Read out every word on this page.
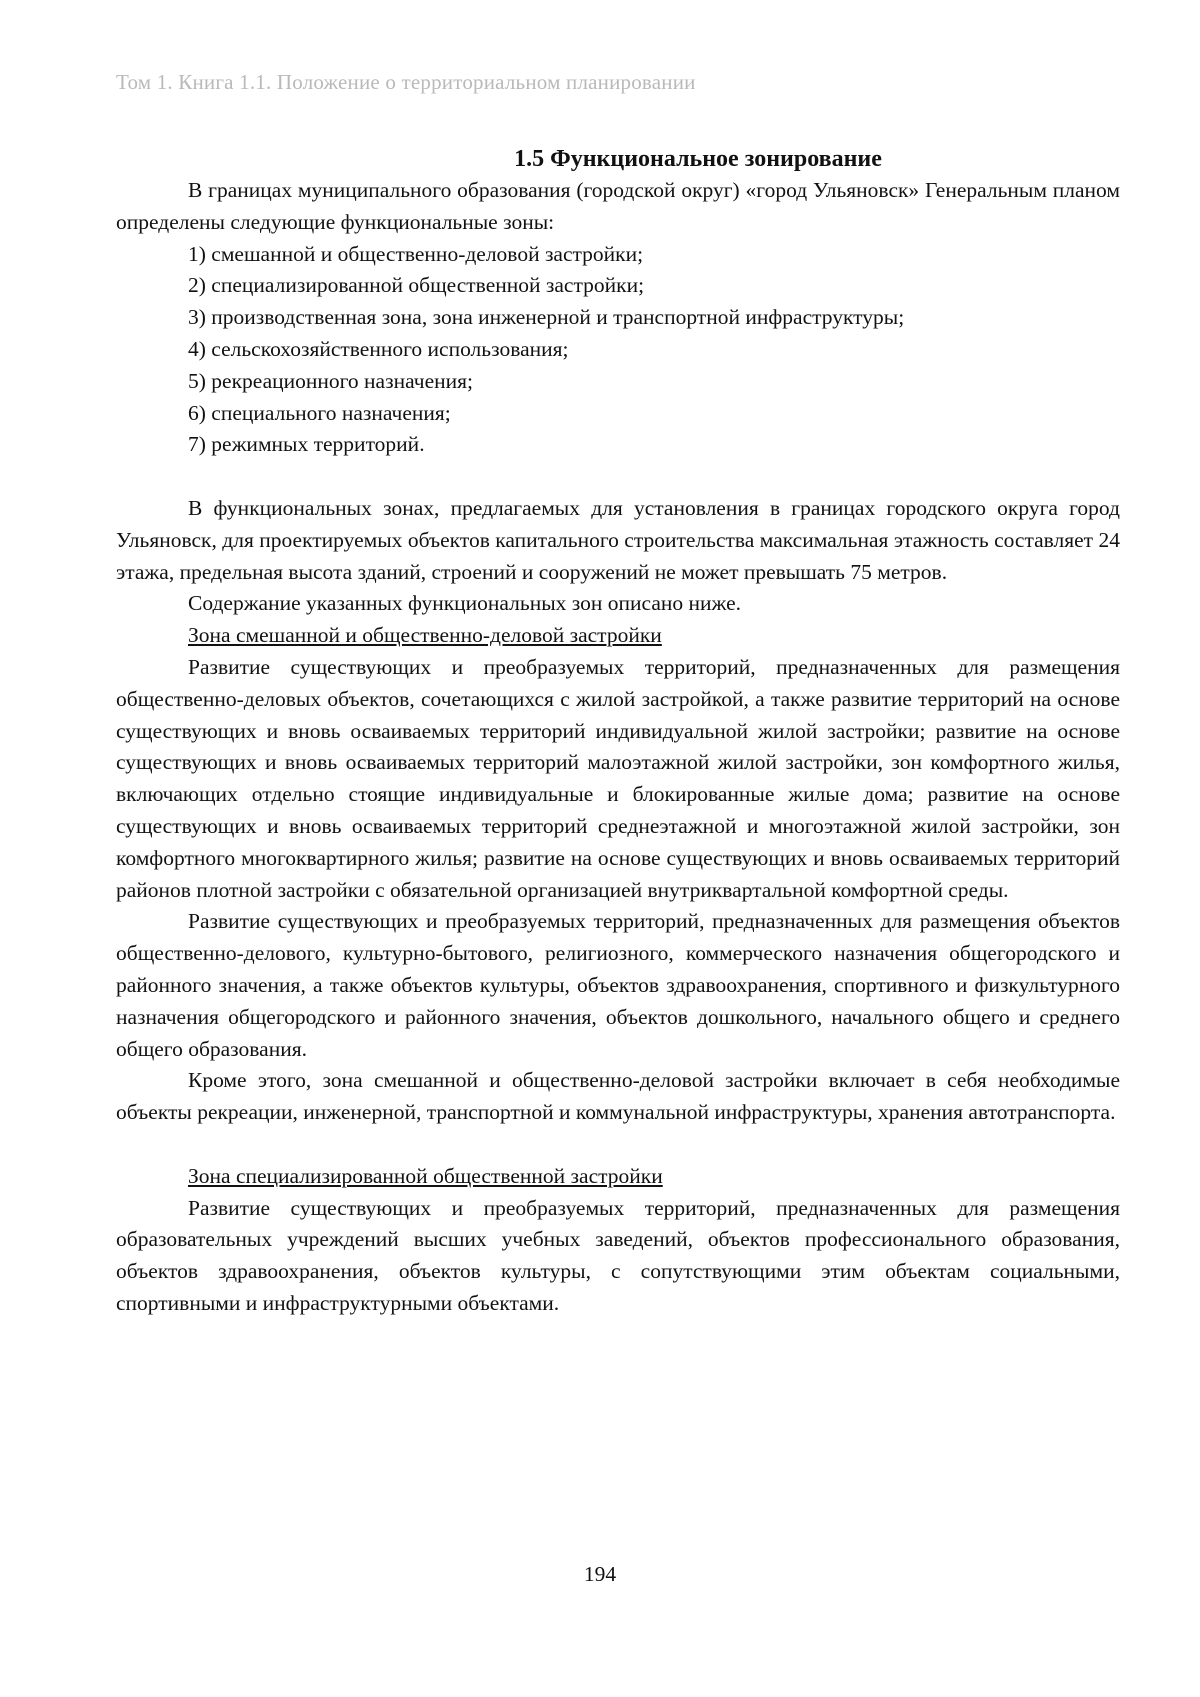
Том 1. Книга 1.1. Положение о территориальном планировании
1.5 Функциональное зонирование

В границах муниципального образования (городской округ) «город Ульяновск» Генеральным планом определены следующие функциональные зоны:

1) смешанной и общественно-деловой застройки;
2) специализированной общественной застройки;
3) производственная зона, зона инженерной и транспортной инфраструктуры;
4) сельскохозяйственного использования;
5) рекреационного назначения;
6) специального назначения;
7) режимных территорий.

В функциональных зонах, предлагаемых для установления в границах городского округа город Ульяновск, для проектируемых объектов капитального строительства максимальная этажность составляет 24 этажа, предельная высота зданий, строений и сооружений не может превышать 75 метров.

Содержание указанных функциональных зон описано ниже.

Зона смешанной и общественно-деловой застройки

Развитие существующих и преобразуемых территорий, предназначенных для размещения общественно-деловых объектов, сочетающихся с жилой застройкой, а также развитие территорий на основе существующих и вновь осваиваемых территорий индивидуальной жилой застройки; развитие на основе существующих и вновь осваиваемых территорий малоэтажной жилой застройки, зон комфортного жилья, включающих отдельно стоящие индивидуальные и блокированные жилые дома; развитие на основе существующих и вновь осваиваемых территорий среднеэтажной и многоэтажной жилой застройки, зон комфортного многоквартирного жилья; развитие на основе существующих и вновь осваиваемых территорий районов плотной застройки с обязательной организацией внутриквартальной комфортной среды.

Развитие существующих и преобразуемых территорий, предназначенных для размещения объектов общественно-делового, культурно-бытового, религиозного, коммерческого назначения общегородского и районного значения, а также объектов культуры, объектов здравоохранения, спортивного и физкультурного назначения общегородского и районного значения, объектов дошкольного, начального общего и среднего общего образования.

Кроме этого, зона смешанной и общественно-деловой застройки включает в себя необходимые объекты рекреации, инженерной, транспортной и коммунальной инфраструктуры, хранения автотранспорта.

Зона специализированной общественной застройки

Развитие существующих и преобразуемых территорий, предназначенных для размещения образовательных учреждений высших учебных заведений, объектов профессионального образования, объектов здравоохранения, объектов культуры, с сопутствующими этим объектам социальными, спортивными и инфраструктурными объектами.

194
